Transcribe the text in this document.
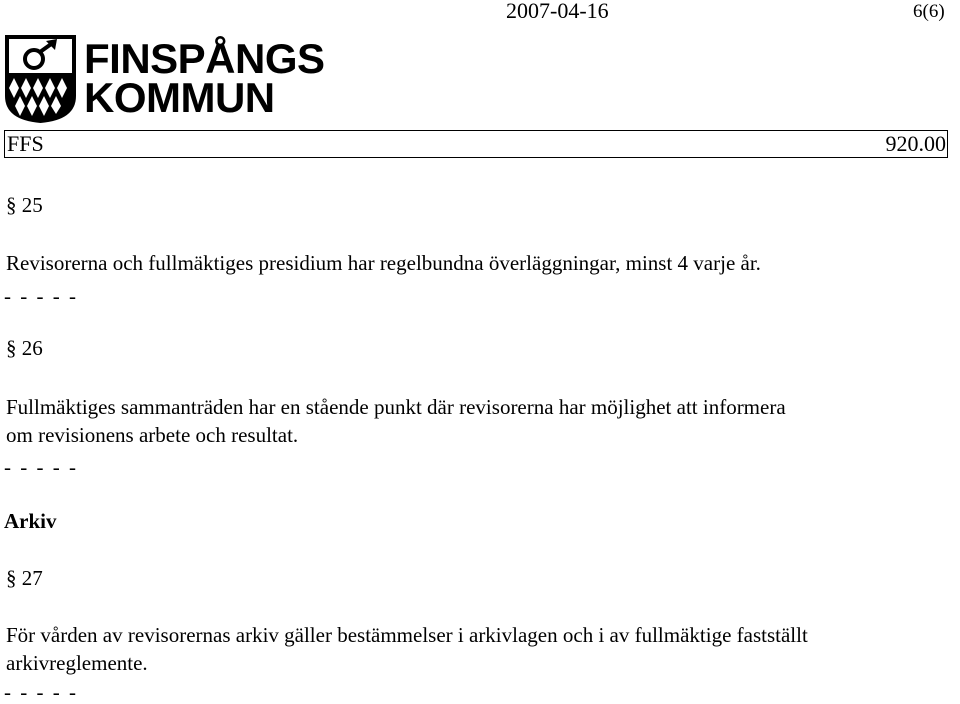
2007-04-16	6(6)
FINSPÅNGS
KOMMUN
FFS	920.00
§ 25
Revisorerna och fullmäktiges presidium har regelbundna överläggningar, minst 4 varje år.
- - - - -
§ 26
Fullmäktiges sammanträden har en stående punkt där revisorerna har möjlighet att informera
om revisionens arbete och resultat.
- - - - -
Arkiv
§ 27
För vården av revisorernas arkiv gäller bestämmelser i arkivlagen och i av fullmäktige fastställt
arkivreglemente.
- - - - -
